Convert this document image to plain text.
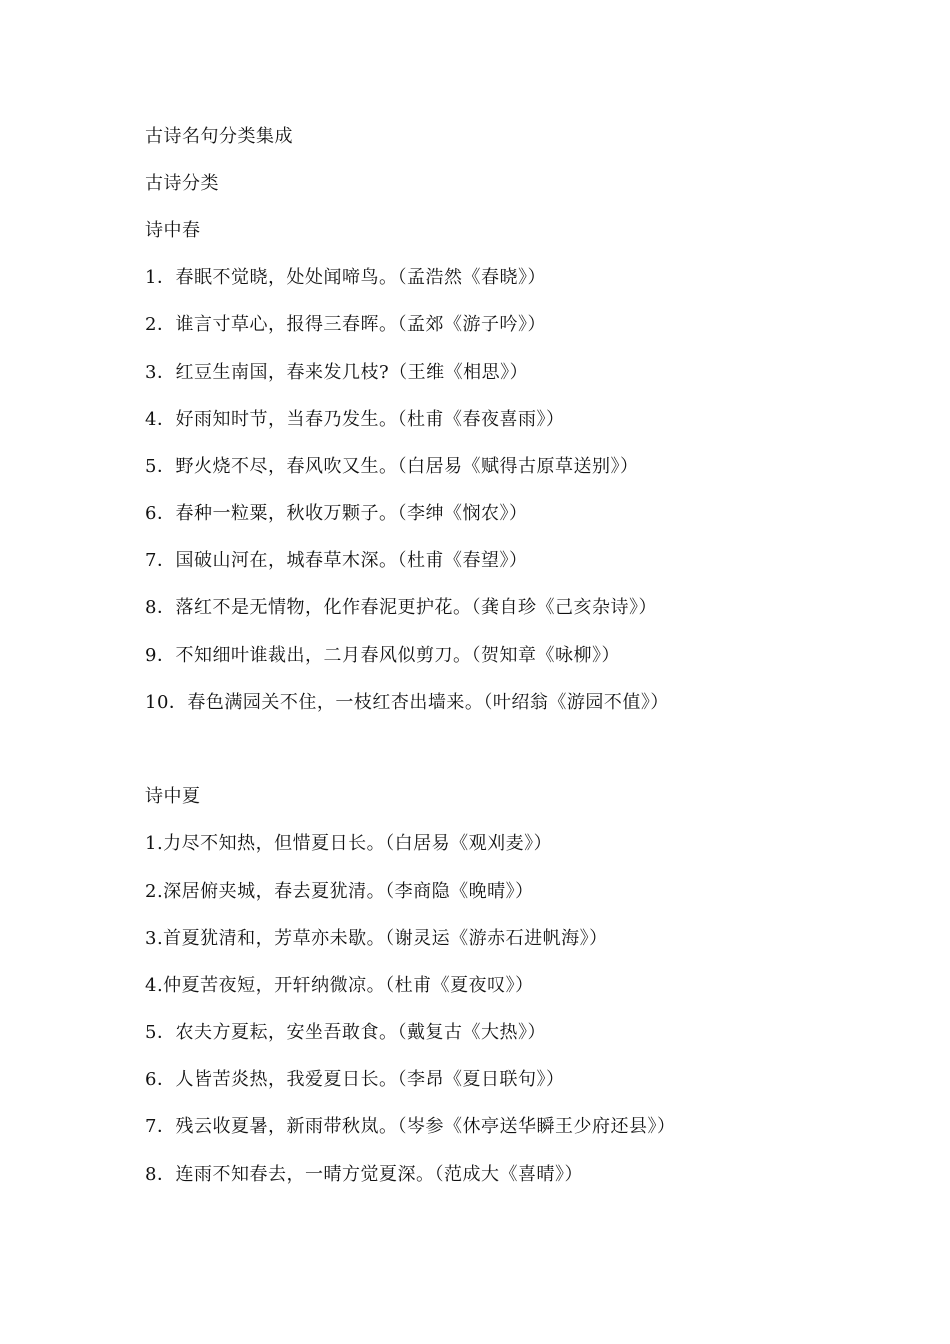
古诗名句分类集成
古诗分类
诗中春
1．春眠不觉晓，处处闻啼鸟。（孟浩然《春晓》）
2．谁言寸草心，报得三春晖。（孟郊《游子吟》）
3．红豆生南国，春来发几枝?（王维《相思》）
4．好雨知时节，当春乃发生。（杜甫《春夜喜雨》）
5．野火烧不尽，春风吹又生。（白居易《赋得古原草送别》）
6．春种一粒粟，秋收万颗子。（李绅《悯农》）
7．国破山河在，城春草木深。（杜甫《春望》）
8．落红不是无情物，化作春泥更护花。（龚自珍《己亥杂诗》）
9．不知细叶谁裁出，二月春风似剪刀。（贺知章《咏柳》）
10．春色满园关不住，一枝红杏出墙来。（叶绍翁《游园不值》）
诗中夏
1.力尽不知热，但惜夏日长。（白居易《观刈麦》）
2.深居俯夹城，春去夏犹清。（李商隐《晚晴》）
3.首夏犹清和，芳草亦未歇。（谢灵运《游赤石进帆海》）
4.仲夏苦夜短，开轩纳微凉。（杜甫《夏夜叹》）
5．农夫方夏耘，安坐吾敢食。（戴复古《大热》）
6．人皆苦炎热，我爱夏日长。（李昂《夏日联句》）
7．残云收夏暑，新雨带秋岚。（岑参《休亭送华瞬王少府还县》）
8．连雨不知春去，一晴方觉夏深。（范成大《喜晴》）
